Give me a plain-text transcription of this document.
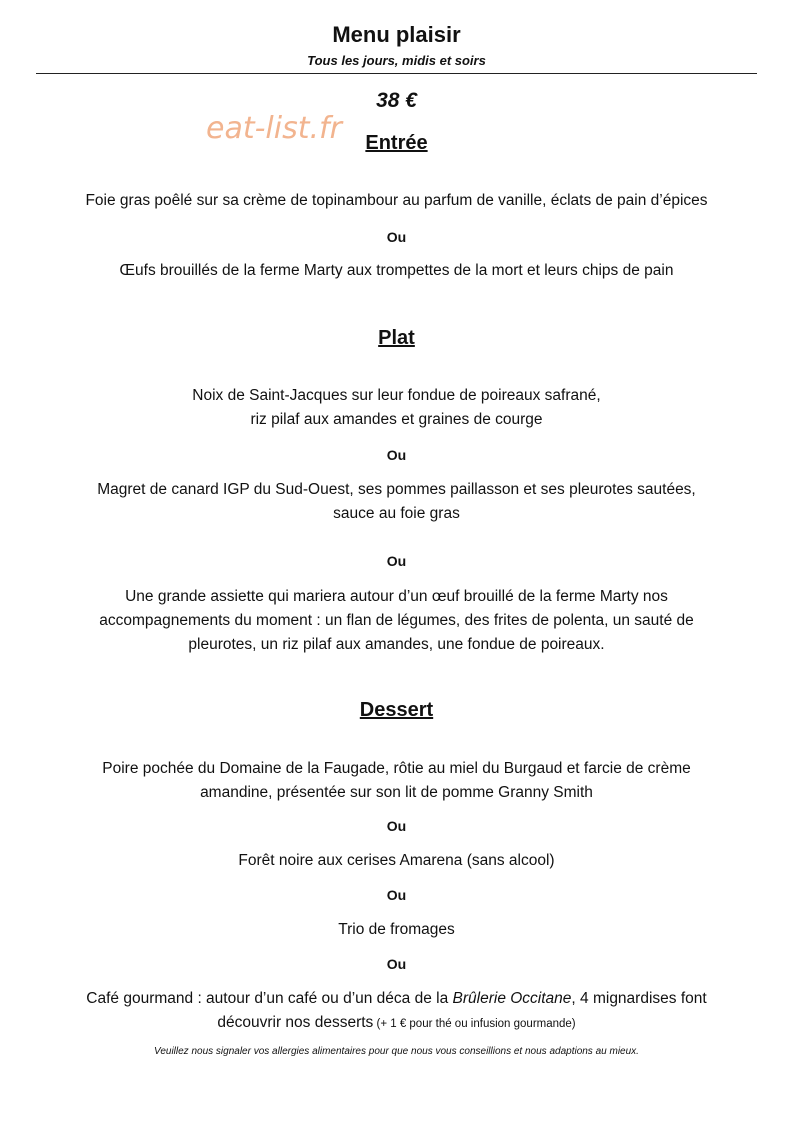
Menu plaisir
Tous les jours, midis et soirs
38 €
eat-list.fr	Entrée
Foie gras poêlé sur sa crème de topinambour au parfum de vanille, éclats de pain d’épices
Ou
Œufs brouillés de la ferme Marty aux trompettes de la mort et leurs chips de pain
Plat
Noix de Saint-Jacques sur leur fondue de poireaux safrané,
riz pilaf aux amandes et graines de courge
Ou
Magret de canard IGP du Sud-Ouest, ses pommes paillasson et ses pleurotes sautées,
sauce au foie gras
Ou
Une grande assiette qui mariera autour d’un œuf brouillé de la ferme Marty nos
accompagnements du moment : un flan de légumes, des frites de polenta, un sauté de
pleurotes, un riz pilaf aux amandes, une fondue de poireaux.
Dessert
Poire pochée du Domaine de la Faugade, rôtie au miel du Burgaud et farcie de crème
amandine, présentée sur son lit de pomme Granny Smith
Ou
Forêt noire aux cerises Amarena (sans alcool)
Ou
Trio de fromages
Ou
Café gourmand : autour d’un café ou d’un déca de la Brûlerie Occitane, 4 mignardises font
découvrir nos desserts (+ 1 € pour thé ou infusion gourmande)
Veuillez nous signaler vos allergies alimentaires pour que nous vous conseillions et nous adaptions au mieux.
